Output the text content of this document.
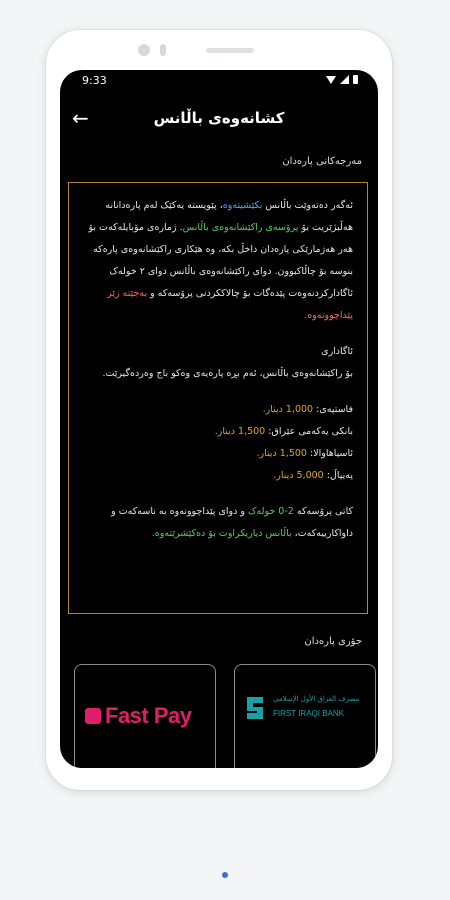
9:33
←	کشانەوەی باڵانس
مەرجەکانی پارەدان

ئەگەر دەتەوێت باڵانس بکێشیتەوە، پێویستە یەکێک لەم پارەدانانە هەڵبژێریت بۆ پرۆسەی راکێشانەوەی باڵانس. ژمارەی مۆبایلەکەت بۆ هەر هەژمارێکی پارەدان داخڵ بکە، وە هێکاری راکێشانەوەی پارەکە بنوسە بۆ چاڵاکبوون. دوای راکێشانەوەی باڵانس دوای ٢ خولەک ئاگادارکردنەوەت پێدەگات بۆ چالاککردنی پرۆسەکە و بەجێتە زێر پێداچوونەوە.

ئاگاداری

بۆ راکێشانەوەی باڵانس، ئەم بڕە پارەیەی وەکو باج وەردەگیرێت.

فاستپەی: 1,000 دینار.

بانکی یەکەمی عێراق: 1,500 دینار.

ئاسیاهاوالا: 1,500 دینار.

پەیپاڵ: 5,000 دینار.

کاتی پرۆسەکە 2-0 خولەک و دوای پێداچوونەوە بە ناسەکەت و داواکارییەکەت، باڵانس دیاریکراوت بۆ دەکێشرێتەوە.

جۆری پارەدان
مصرف العراق الأول الإسلامي
FIRST IRAQI BANK
Fast Pay
